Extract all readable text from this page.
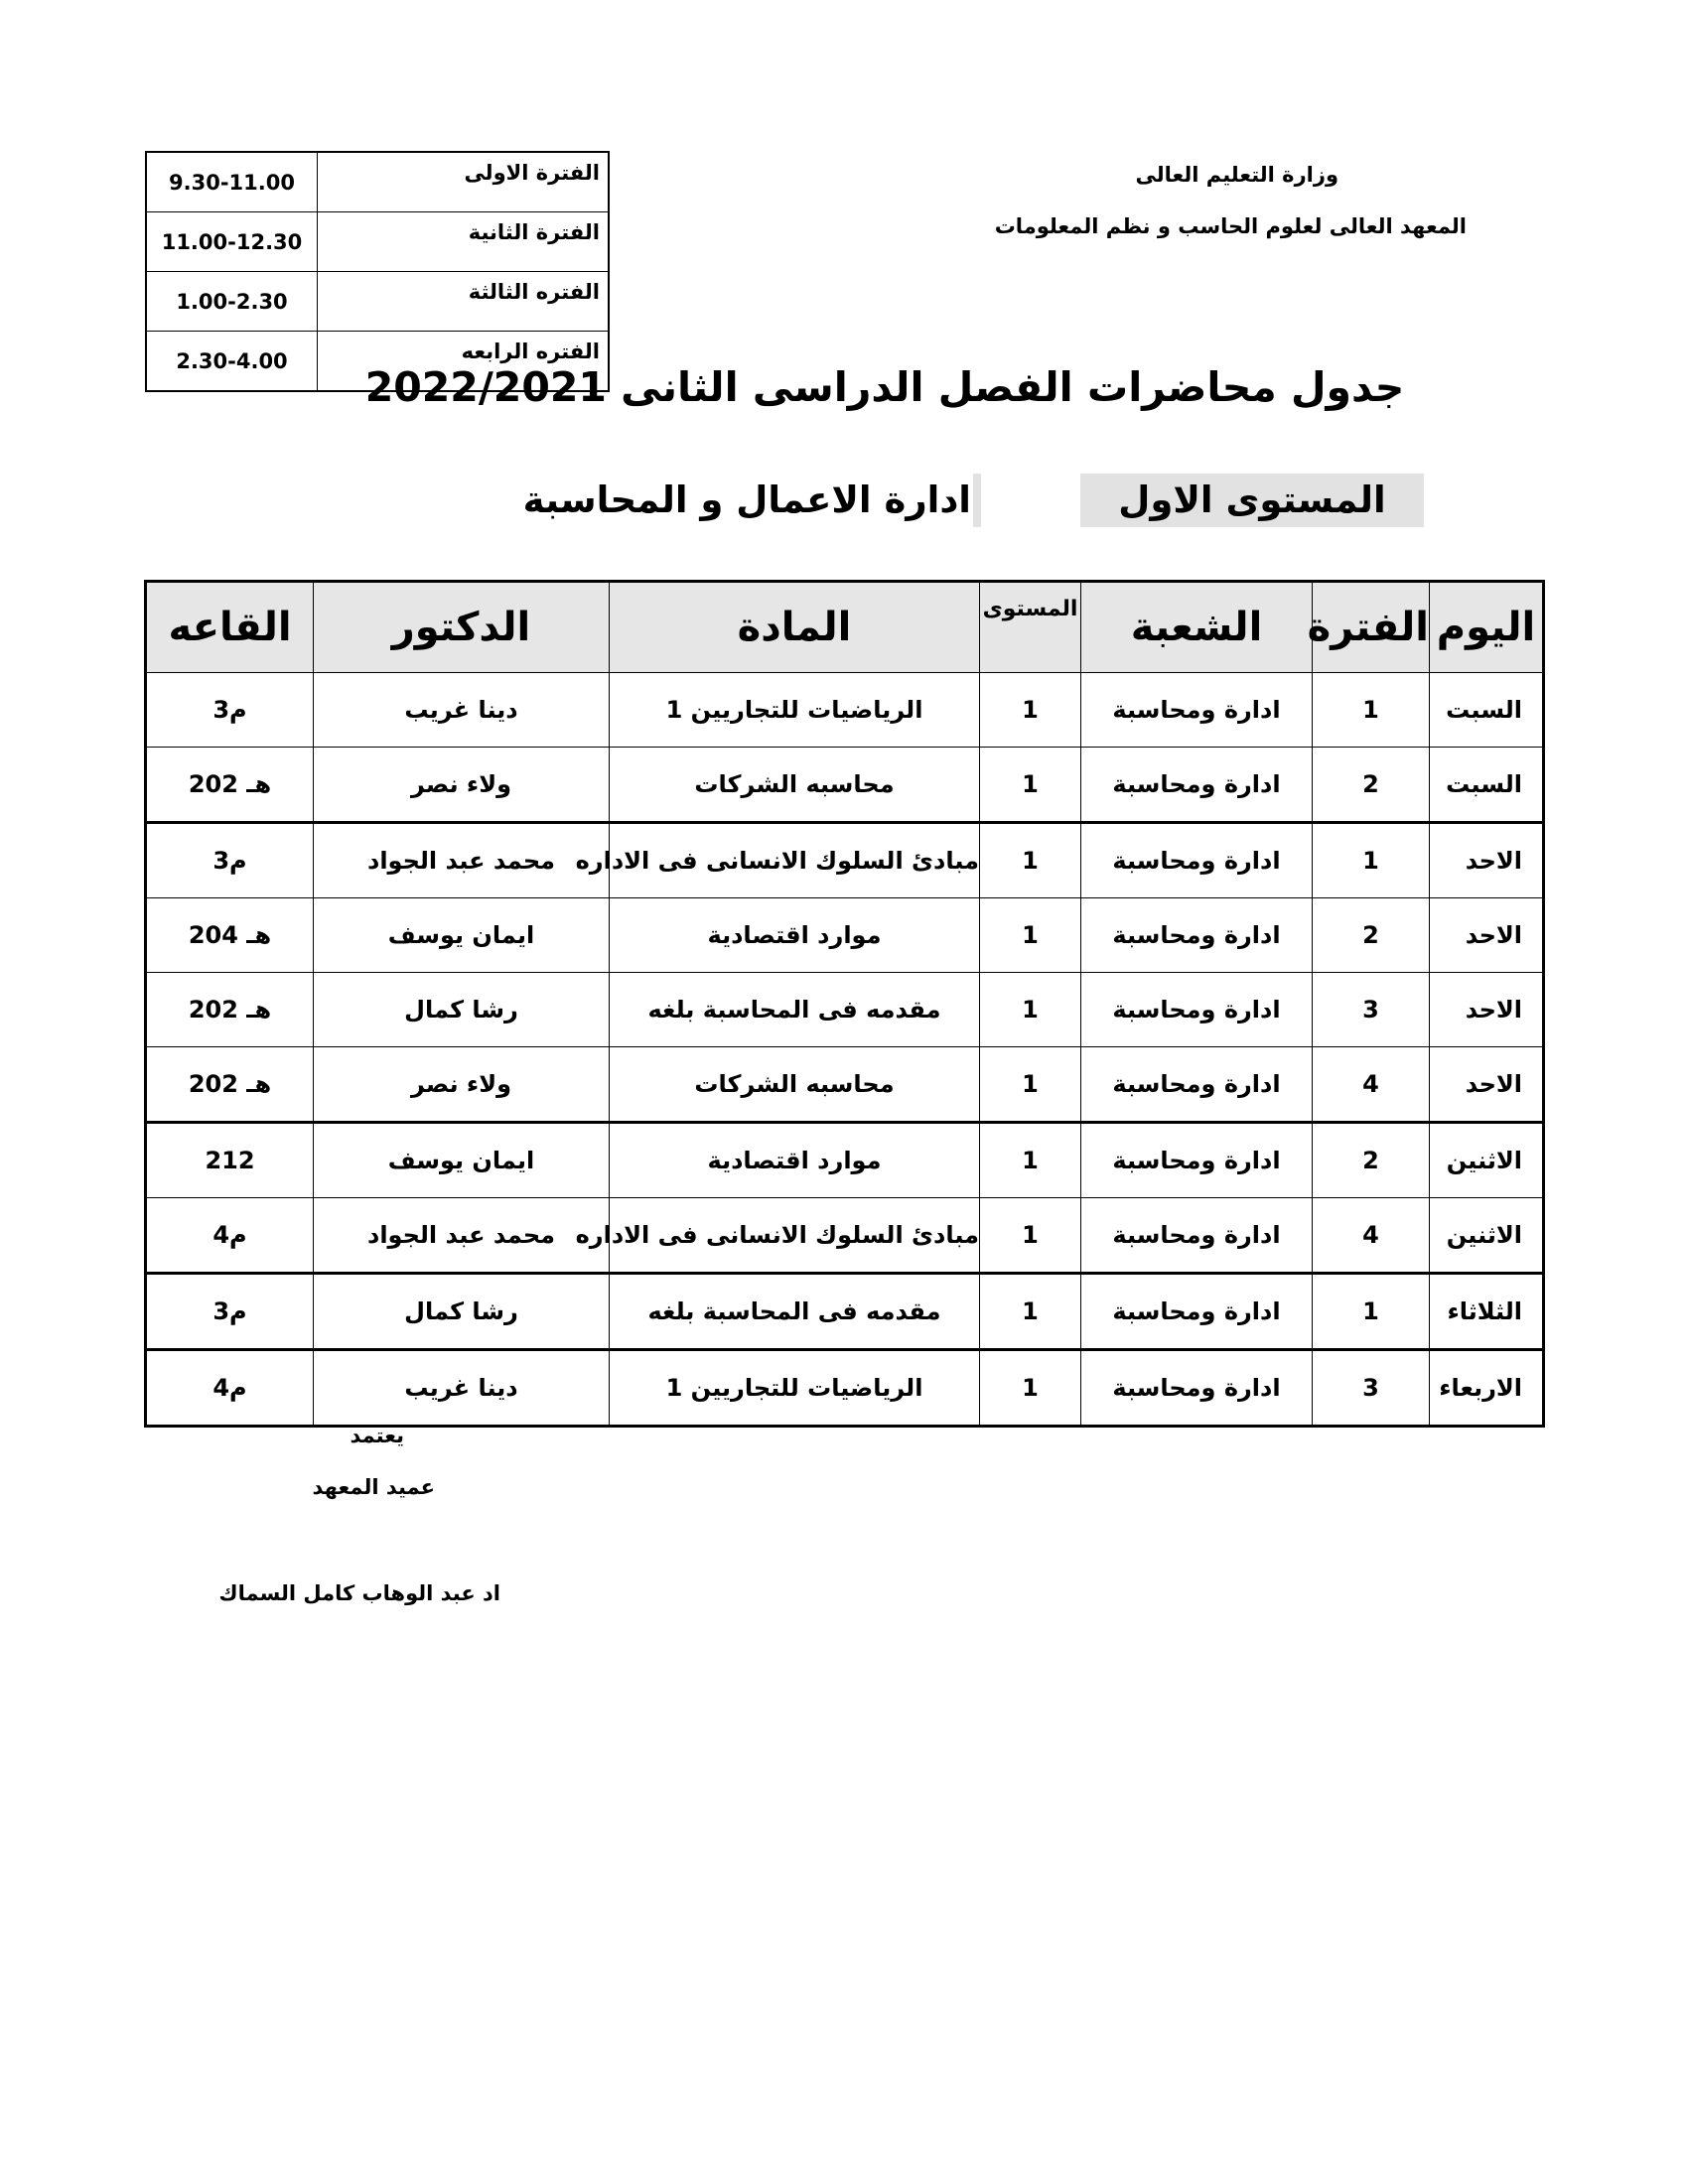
وزارة التعليم العالى
المعهد العالى لعلوم الحاسب و نظم المعلومات
9.30-11.00	الفترة الاولى
11.00-12.30	الفترة الثانية
1.00-2.30	الفتره الثالثة
2.30-4.00	الفتره الرابعه
جدول محاضرات الفصل الدراسى الثانى 2022/2021
المستوى الاول
ادارة الاعمال و المحاسبة
اليوم	الفترة	الشعبة	المستوى	المادة	الدكتور	القاعه
السبت	1	ادارة ومحاسبة	1	الرياضيات للتجاريين 1	دينا غريب	م3
السبت	2	ادارة ومحاسبة	1	محاسبه الشركات	ولاء نصر	هـ 202
الاحد	1	ادارة ومحاسبة	1	مبادئ السلوك الانسانى فى الاداره	محمد عبد الجواد	م3
الاحد	2	ادارة ومحاسبة	1	موارد اقتصادية	ايمان يوسف	هـ 204
الاحد	3	ادارة ومحاسبة	1	مقدمه فى المحاسبة بلغه	رشا كمال	هـ 202
الاحد	4	ادارة ومحاسبة	1	محاسبه الشركات	ولاء نصر	هـ 202
الاثنين	2	ادارة ومحاسبة	1	موارد اقتصادية	ايمان يوسف	212
الاثنين	4	ادارة ومحاسبة	1	مبادئ السلوك الانسانى فى الاداره	محمد عبد الجواد	م4
الثلاثاء	1	ادارة ومحاسبة	1	مقدمه فى المحاسبة بلغه	رشا كمال	م3
الاربعاء	3	ادارة ومحاسبة	1	الرياضيات للتجاريين 1	دينا غريب	م4
يعتمد
عميد المعهد
اد عبد الوهاب كامل السماك
